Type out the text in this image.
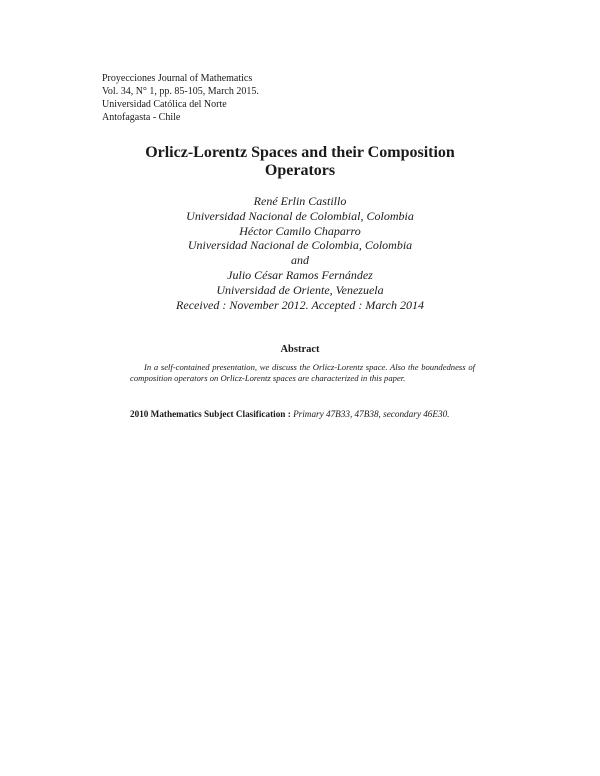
Proyecciones Journal of Mathematics
Vol. 34, N° 1, pp. 85-105, March 2015.
Universidad Católica del Norte
Antofagasta - Chile
Orlicz-Lorentz Spaces and their Composition
Operators
René Erlin Castillo
Universidad Nacional de Colombial, Colombia
Héctor Camilo Chaparro
Universidad Nacional de Colombia, Colombia
and
Julio César Ramos Fernández
Universidad de Oriente, Venezuela
Received : November 2012. Accepted : March 2014
Abstract
In a self-contained presentation, we discuss the Orlicz-Lorentz space. Also the boundedness of composition operators on Orlicz-Lorentz spaces are characterized in this paper.
2010 Mathematics Subject Clasification : Primary 47B33, 47B38, secondary 46E30.
